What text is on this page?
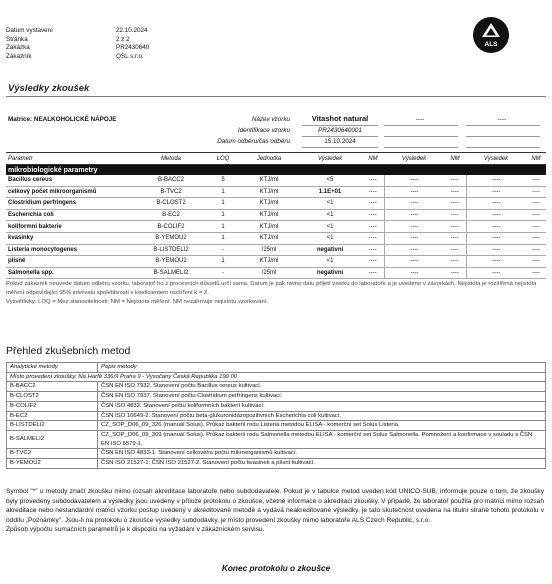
Datum vystavení	22.10.2024
Stránka	2 z 2
Zakázka	PR2430640
Zákazník	QSL s.r.o.
ALS
Výsledky zkoušek
Matrice: NEALKOHOLICKÉ NÁPOJE	Název vzorku	Vitashot natural	----	----
Identifikace vzorku	PR2430640001
Datum odběru/čas odběru	15.10.2024
Parametr	Metoda	LOQ	Jednotka	Výsledek	NM	Výsledek	NM	Výsledek	NM
mikrobiologické parametry									
Bacillus cereus	B-BACC2	5	KTJ/ml	<5	----	----	----	----	----
celkový počet mikroorganismů	B-TVC2	1	KTJ/ml	1.1E+01	----	----	----	----	----
Clostridium perfringens	B-CLOST2	1	KTJ/ml	<1	----	----	----	----	----
Escherichia coli	B-EC2	1	KTJ/ml	<1	----	----	----	----	----
koliformní bakterie	B-COLIF2	1	KTJ/ml	<1	----	----	----	----	----
kvasinky	B-YEMOU2	1	KTJ/ml	<1	----	----	----	----	----
Listeria monocytogenes	B-LISTDELI2	-	/25ml	negativní	----	----	----	----	----
plísně	B-YEMOU2	1	KTJ/ml	<1	----	----	----	----	----
Salmonella spp.	B-SALMELI2	-	/25ml	negativní	----	----	----	----	----
Pokud zákazník neuvede datum odběru vzorku, laboratoř ho z procesních důvodů určí sama. Datum je pak rovno datu přijetí vzorku do laboratoře a je uvedeno v závorkách. Nejistota je rozšířená nejistota měření odpovídající 95% intervalu spolehlivosti s koeficientem rozšíření k = 2.
Vysvětlivky: LOQ = Mez stanovitelnosti; NM = Nejistota měření. NM nezahrnuje nejistotu vzorkování.
Přehled zkušebních metod
Analytické metody	Popis metody
Místo provedení zkoušky: Na Harfě 336/9 Praha 9 - Vysočany Česká Republika 190 00	
B-BACC2	ČSN EN ISO 7932. Stanovení počtu Bacillus cereus kultivací.
B-CLOST2	ČSN EN ISO 7937. Stanovení počtu Clostridium perfringens kultivací.
B-COLIF2	ČSN ISO 4832. Stanovení počtu koliformních bakterií kultivací.
B-EC2	ČSN ISO 16649-2. Stanovení počtu beta-glukuronidázopozitivních Escherichia coli kultivací.
B-LISTDELI2	CZ_SOP_D06_09_326 (manuál Solus). Průkaz bakterií rodu Listeria metodou ELISA - komerční set Solus Listeria.
B-SALMELI2	CZ_SOP_D06_09_309 (manuál Solus). Průkaz bakterií rodu Salmonella metodou ELISA - komerční set Solus Salmonella. Pomnožení a konfirmace v souladu s ČSN EN ISO 6579-1.
B-TVC2	ČSN EN ISO 4833-1. Stanovení celkového počtu mikroorganismů kultivací.
B-YEMOU2	ČSN ISO 21527-1; ČSN ISO 21527-2. Stanovení počtu kvasinek a plísní kultivací.
Symbol "*" u metody značí zkoušku mimo rozsah akreditace laboratoře nebo subdodavatele. Pokud je v tabulce metod uveden kód UNICO-SUB, informuje pouze o tom, že zkoušky byly provedeny subdodavatelem a výsledky jsou uvedeny v příloze protokolu o zkoušce, včetně informace o akreditaci zkoušky. V případě, že laboratoř použila pro matrici mimo rozsah akreditace nebo nestandardní matrici vzorku postup uvedený v akreditované metodě a vydává neakreditované výsledky, je tato skutečnost uvedena na titulní straně tohoto protokolu v oddílu „Poznámky". Jsou-li na protokolu o zkoušce výsledky subdodávky, je místo provedení zkoušky mimo laboratoře ALS Czech Republic, s.r.o.
Způsob výpočtu sumačních parametrů je k dispozici na vyžádání v zákaznickém servisu.
Konec protokolu o zkoušce
